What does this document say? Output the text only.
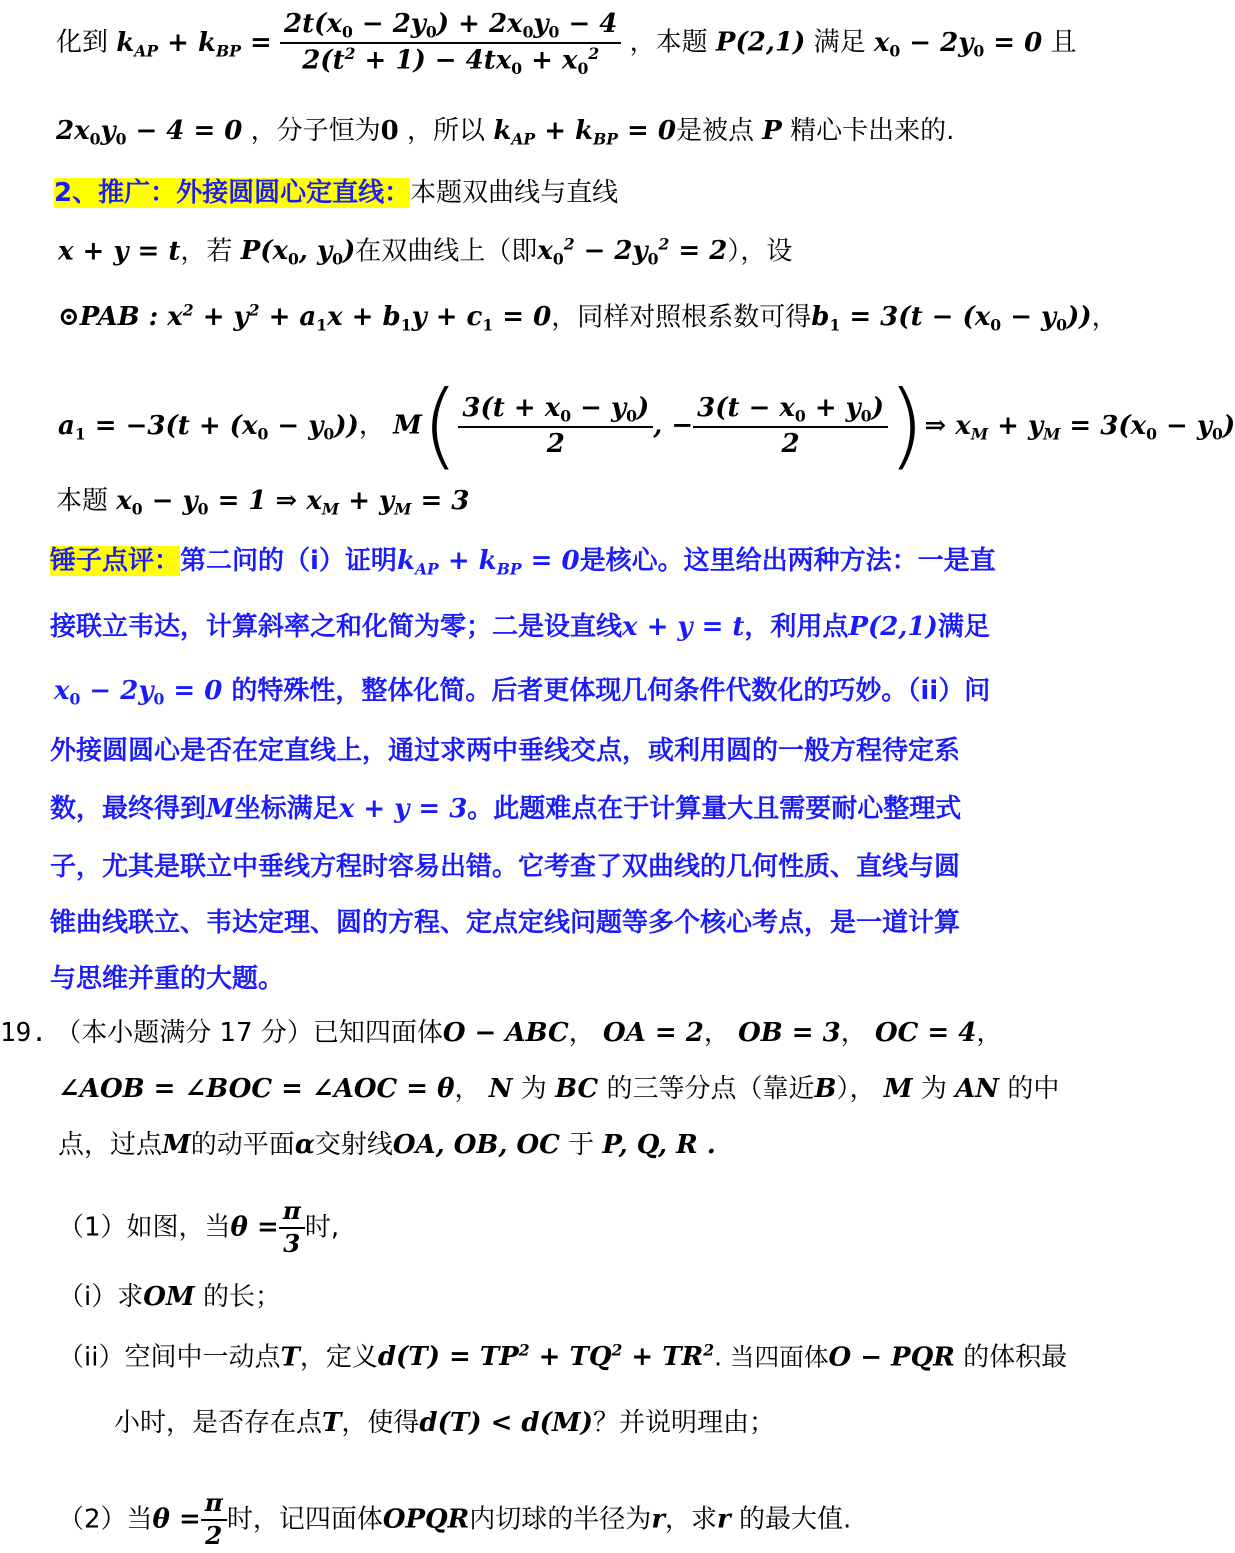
化到 $k_{AP} + k_{BP} = \frac{2t(x_0 - 2y_0) + 2x_0y_0 - 4}{2(t^2 + 1) - 4tx_0 + x_0^2}$ ，本题 P(2,1) 满足 $x_0 - 2y_0 = 0$ 且
$2x_0y_0 - 4 = 0$ ，分子恒为0 ，所以 $k_{AP} + k_{BP} = 0$是被点 P 精心卡出来的.
2、推广：外接圆圆心定直线：本题双曲线与直线
x + y = t，若 $P(x_0$, $y_0$)在双曲线上（即$x_0^2 - 2y_0^2 = 2$），设
⊙PAB : $x^2 + y^2 + a_1x + b_1y + c_1 = 0$，同样对照根系数可得$b_1 = 3(t - (x_0 - y_0))$，
$a_1 = -3(t + (x_0 - y_0))$， $M( \frac{3(t + x_0 - y_0)}{2}$ , − $\frac{3(t - x_0 + y_0)}{2}$ )⇒ $x_M + y_M = 3(x_0 - y_0)$
本题 $x_0 - y_0 = 1$ ⇒ $x_M + y_M = 3$
锤子点评：第二问的（i）证明$k_{AP} + k_{BP} = 0$是核心。这里给出两种方法：一是直
接联立韦达，计算斜率之和化简为零；二是设直线x + y = t，利用点P(2,1)满足
$x_0 - 2y_0 = 0$ 的特殊性，整体化简。后者更体现几何条件代数化的巧妙。（ii）问
外接圆圆心是否在定直线上，通过求两中垂线交点，或利用圆的一般方程待定系
数，最终得到M坐标满足x + y = 3。此题难点在于计算量大且需要耐心整理式
子，尤其是联立中垂线方程时容易出错。它考查了双曲线的几何性质、直线与圆
锥曲线联立、韦达定理、圆的方程、定点定线问题等多个核心考点，是一道计算
与思维并重的大题。
19. （本小题满分 17 分）已知四面体O − ABC， OA = 2， OB = 3， OC = 4，
∠AOB = ∠BOC = ∠AOC = θ， N 为 BC 的三等分点（靠近B）， M 为 AN 的中
点，过点M的动平面α交射线OA, OB, OC 于 P, Q, R .
（1）如图，当$\theta = \frac{\pi}{3}$ 时,
（i）求OM 的长；
（ii）空间中一动点T，定义$d(T) = TP^2 + TQ^2 + TR^2$. 当四面体O − PQR 的体积最
小时，是否存在点T，使得d(T) < d(M)？并说明理由；
（2）当$\theta = \frac{\pi}{2}$ 时，记四面体OPQR内切球的半径为r，求r 的最大值.
